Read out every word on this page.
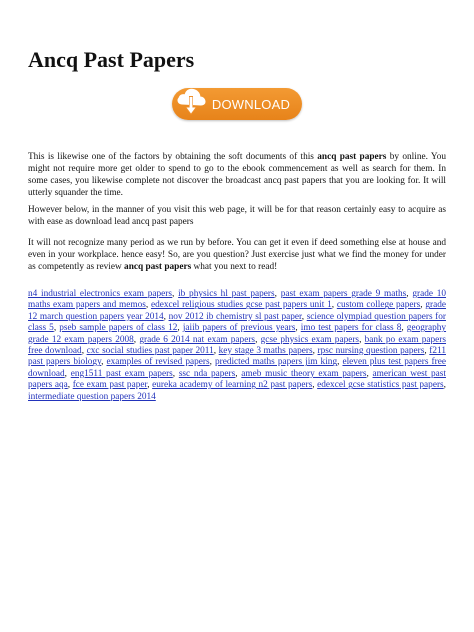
Ancq Past Papers
DOWNLOAD

This is likewise one of the factors by obtaining the soft documents of this ancq past papers by online. You might not require more get older to spend to go to the ebook commencement as well as search for them. In some cases, you likewise complete not discover the broadcast ancq past papers that you are looking for. It will utterly squander the time.

However below, in the manner of you visit this web page, it will be for that reason certainly easy to acquire as with ease as download lead ancq past papers

It will not recognize many period as we run by before. You can get it even if deed something else at house and even in your workplace. hence easy! So, are you question? Just exercise just what we find the money for under as competently as review ancq past papers what you next to read!

n4 industrial electronics exam papers, ib physics hl past papers, past exam papers grade 9 maths, grade 10 maths exam papers and memos, edexcel religious studies gcse past papers unit 1, custom college papers, grade 12 march question papers year 2014, nov 2012 ib chemistry sl past paper, science olympiad question papers for class 5, pseb sample papers of class 12, jaiib papers of previous years, imo test papers for class 8, geography grade 12 exam papers 2008, grade 6 2014 nat exam papers, gcse physics exam papers, bank po exam papers free download, cxc social studies past paper 2011, key stage 3 maths papers, rpsc nursing question papers, f211 past papers biology, examples of revised papers, predicted maths papers jim king, eleven plus test papers free download, eng1511 past exam papers, ssc nda papers, ameb music theory exam papers, american west past papers aqa, fce exam past paper, eureka academy of learning n2 past papers, edexcel gcse statistics past papers, intermediate question papers 2014
